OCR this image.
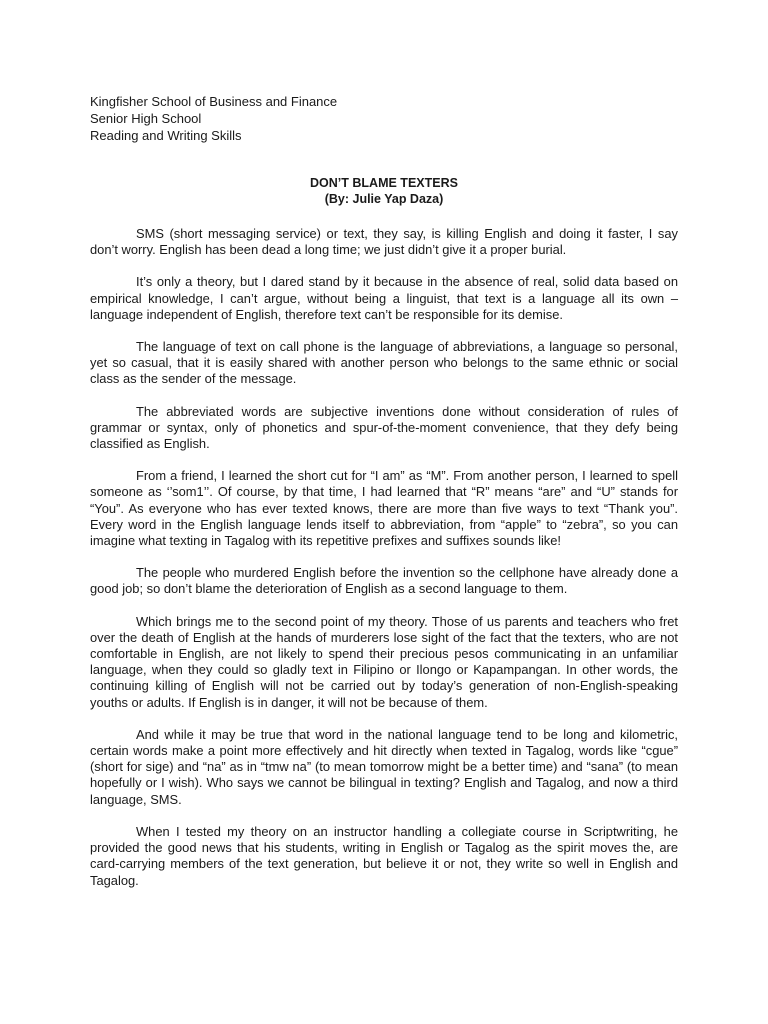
Kingfisher School of Business and Finance

Senior High School

Reading and Writing Skills

DON’T BLAME TEXTERS

(By: Julie Yap Daza)

SMS (short messaging service) or text, they say, is killing English and doing it faster, I say don’t worry. English has been dead a long time; we just didn’t give it a proper burial.

It’s only a theory, but I dared stand by it because in the absence of real, solid data based on empirical knowledge, I can’t argue, without being a linguist, that text is a language all its own – language independent of English, therefore text can’t be responsible for its demise.

The language of text on call phone is the language of abbreviations, a language so personal, yet so casual, that it is easily shared with another person who belongs to the same ethnic or social class as the sender of the message.

The abbreviated words are subjective inventions done without consideration of rules of grammar or syntax, only of phonetics and spur-of-the-moment convenience, that they defy being classified as English.

From a friend, I learned the short cut for “I am” as “M”. From another person, I learned to spell someone as ‘’som1’’. Of course, by that time, I had learned that “R” means “are” and “U” stands for “You”. As everyone who has ever texted knows, there are more than five ways to text “Thank you”. Every word in the English language lends itself to abbreviation, from “apple” to “zebra”, so you can imagine what texting in Tagalog with its repetitive prefixes and suffixes sounds like!

The people who murdered English before the invention so the cellphone have already done a good job; so don’t blame the deterioration of English as a second language to them.

Which brings me to the second point of my theory. Those of us parents and teachers who fret over the death of English at the hands of murderers lose sight of the fact that the texters, who are not comfortable in English, are not likely to spend their precious pesos communicating in an unfamiliar language, when they could so gladly text in Filipino or Ilongo or Kapampangan. In other words, the continuing killing of English will not be carried out by today’s generation of non-English-speaking youths or adults. If English is in danger, it will not be because of them.

And while it may be true that word in the national language tend to be long and kilometric, certain words make a point more effectively and hit directly when texted in Tagalog, words like “cgue” (short for sige) and “na” as in “tmw na” (to mean tomorrow might be a better time) and “sana” (to mean hopefully or I wish). Who says we cannot be bilingual in texting? English and Tagalog, and now a third language, SMS.

When I tested my theory on an instructor handling a collegiate course in Scriptwriting, he provided the good news that his students, writing in English or Tagalog as the spirit moves the, are card-carrying members of the text generation, but believe it or not, they write so well in English and Tagalog.
